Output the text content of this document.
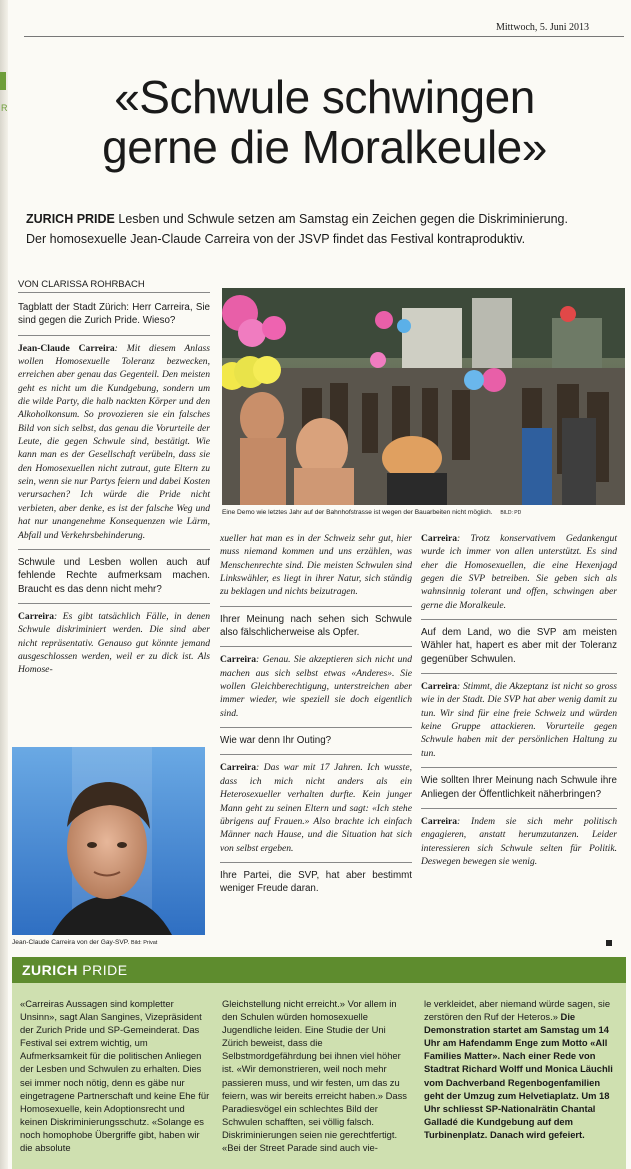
R
Mittwoch, 5. Juni 2013
«Schwule schwingen
gerne die Moralkeule»
ZURICH PRIDE Lesben und Schwule setzen am Samstag ein Zeichen gegen die Diskriminierung.
Der homosexuelle Jean-Claude Carreira von der JSVP findet das Festival kontraproduktiv.
VON CLARISSA ROHRBACH

Tagblatt der Stadt Zürich: Herr Carreira, Sie sind gegen die Zurich Pride. Wieso?

Jean-Claude Carreira: Mit diesem Anlass wollen Homosexuelle Toleranz bezwecken, erreichen aber genau das Gegenteil. Den meisten geht es nicht um die Kundgebung, sondern um die wilde Party, die halb nackten Körper und den Alkoholkonsum. So provozieren sie ein falsches Bild von sich selbst, das genau die Vorurteile der Leute, die gegen Schwule sind, bestätigt. Wie kann man es der Gesellschaft verübeln, dass sie den Homosexuellen nicht zutraut, gute Eltern zu sein, wenn sie nur Partys feiern und dabei Kosten verursachen? Ich würde die Pride nicht verbieten, aber denke, es ist der falsche Weg und hat nur unangenehme Konsequenzen wie Lärm, Abfall und Verkehrsbehinderung.

Schwule und Lesben wollen auch auf fehlende Rechte aufmerksam machen. Braucht es das denn nicht mehr?

Carreira: Es gibt tatsächlich Fälle, in denen Schwule diskriminiert werden. Die sind aber nicht repräsentativ. Genauso gut könnte jemand ausgeschlossen werden, weil er zu dick ist. Als Homose-

Jean-Claude Carreira von der Gay-SVP. Bild: Privat
Eine Demo wie letztes Jahr auf der Bahnhofstrasse ist wegen der Bauarbeiten nicht möglich. BILD: PD

xueller hat man es in der Schweiz sehr gut, hier muss niemand kommen und uns erzählen, was Menschenrechte sind. Die meisten Schwulen sind Linkswähler, es liegt in ihrer Natur, sich ständig zu beklagen und nichts beizutragen.

Ihrer Meinung nach sehen sich Schwule also fälschlicherweise als Opfer.

Carreira: Genau. Sie akzeptieren sich nicht und machen aus sich selbst etwas «Anderes». Sie wollen Gleichberechtigung, unterstreichen aber immer wieder, wie speziell sie doch eigentlich sind.

Wie war denn Ihr Outing?

Carreira: Das war mit 17 Jahren. Ich wusste, dass ich mich nicht anders als ein Heterosexueller verhalten durfte. Kein junger Mann geht zu seinen Eltern und sagt: «Ich stehe übrigens auf Frauen.» Also brachte ich einfach Männer nach Hause, und die Situation hat sich von selbst ergeben.

Ihre Partei, die SVP, hat aber bestimmt weniger Freude daran.

Carreira: Trotz konservativem Gedankengut wurde ich immer von allen unterstützt. Es sind eher die Homosexuellen, die eine Hexenjagd gegen die SVP betreiben. Sie geben sich als wahnsinnig tolerant und offen, schwingen aber gerne die Moralkeule.

Auf dem Land, wo die SVP am meisten Wähler hat, hapert es aber mit der Toleranz gegenüber Schwulen.

Carreira: Stimmt, die Akzeptanz ist nicht so gross wie in der Stadt. Die SVP hat aber wenig damit zu tun. Wir sind für eine freie Schweiz und würden keine Gruppe attackieren. Vorurteile gegen Schwule haben mit der persönlichen Haltung zu tun.

Wie sollten Ihrer Meinung nach Schwule ihre Anliegen der Öffentlichkeit näherbringen?

Carreira: Indem sie sich mehr politisch engagieren, anstatt herumzutanzen. Leider interessieren sich Schwule selten für Politik. Deswegen bewegen sie wenig.

ZURICH PRIDE
«Carreiras Aussagen sind kompletter Unsinn», sagt Alan Sangines, Vizepräsident der Zurich Pride und SP-Gemeinderat. Das Festival sei extrem wichtig, um Aufmerksamkeit für die politischen Anliegen der Lesben und Schwulen zu erhalten. Dies sei immer noch nötig, denn es gäbe nur eingetragene Partnerschaft und keine Ehe für Homosexuelle, kein Adoptionsrecht und keinen Diskriminierungsschutz. «Solange es noch homophobe Übergriffe gibt, haben wir die absolute
Gleichstellung nicht erreicht.» Vor allem in den Schulen würden homosexuelle Jugendliche leiden. Eine Studie der Uni Zürich beweist, dass die Selbstmordgefährdung bei ihnen viel höher ist. «Wir demonstrieren, weil noch mehr passieren muss, und wir festen, um das zu feiern, was wir bereits erreicht haben.» Dass Paradiesvögel ein schlechtes Bild der Schwulen schafften, sei völlig falsch. Diskriminierungen seien nie gerechtfertigt. «Bei der Street Parade sind auch vie-
le verkleidet, aber niemand würde sagen, sie zerstören den Ruf der Heteros.» Die Demonstration startet am Samstag um 14 Uhr am Hafendamm Enge zum Motto «All Families Matter». Nach einer Rede von Stadtrat Richard Wolff und Monica Läuchli vom Dachverband Regenbogenfamilien geht der Umzug zum Helvetiaplatz. Um 18 Uhr schliesst SP-Nationalrätin Chantal Galladé die Kundgebung auf dem Turbinenplatz. Danach wird gefeiert.
